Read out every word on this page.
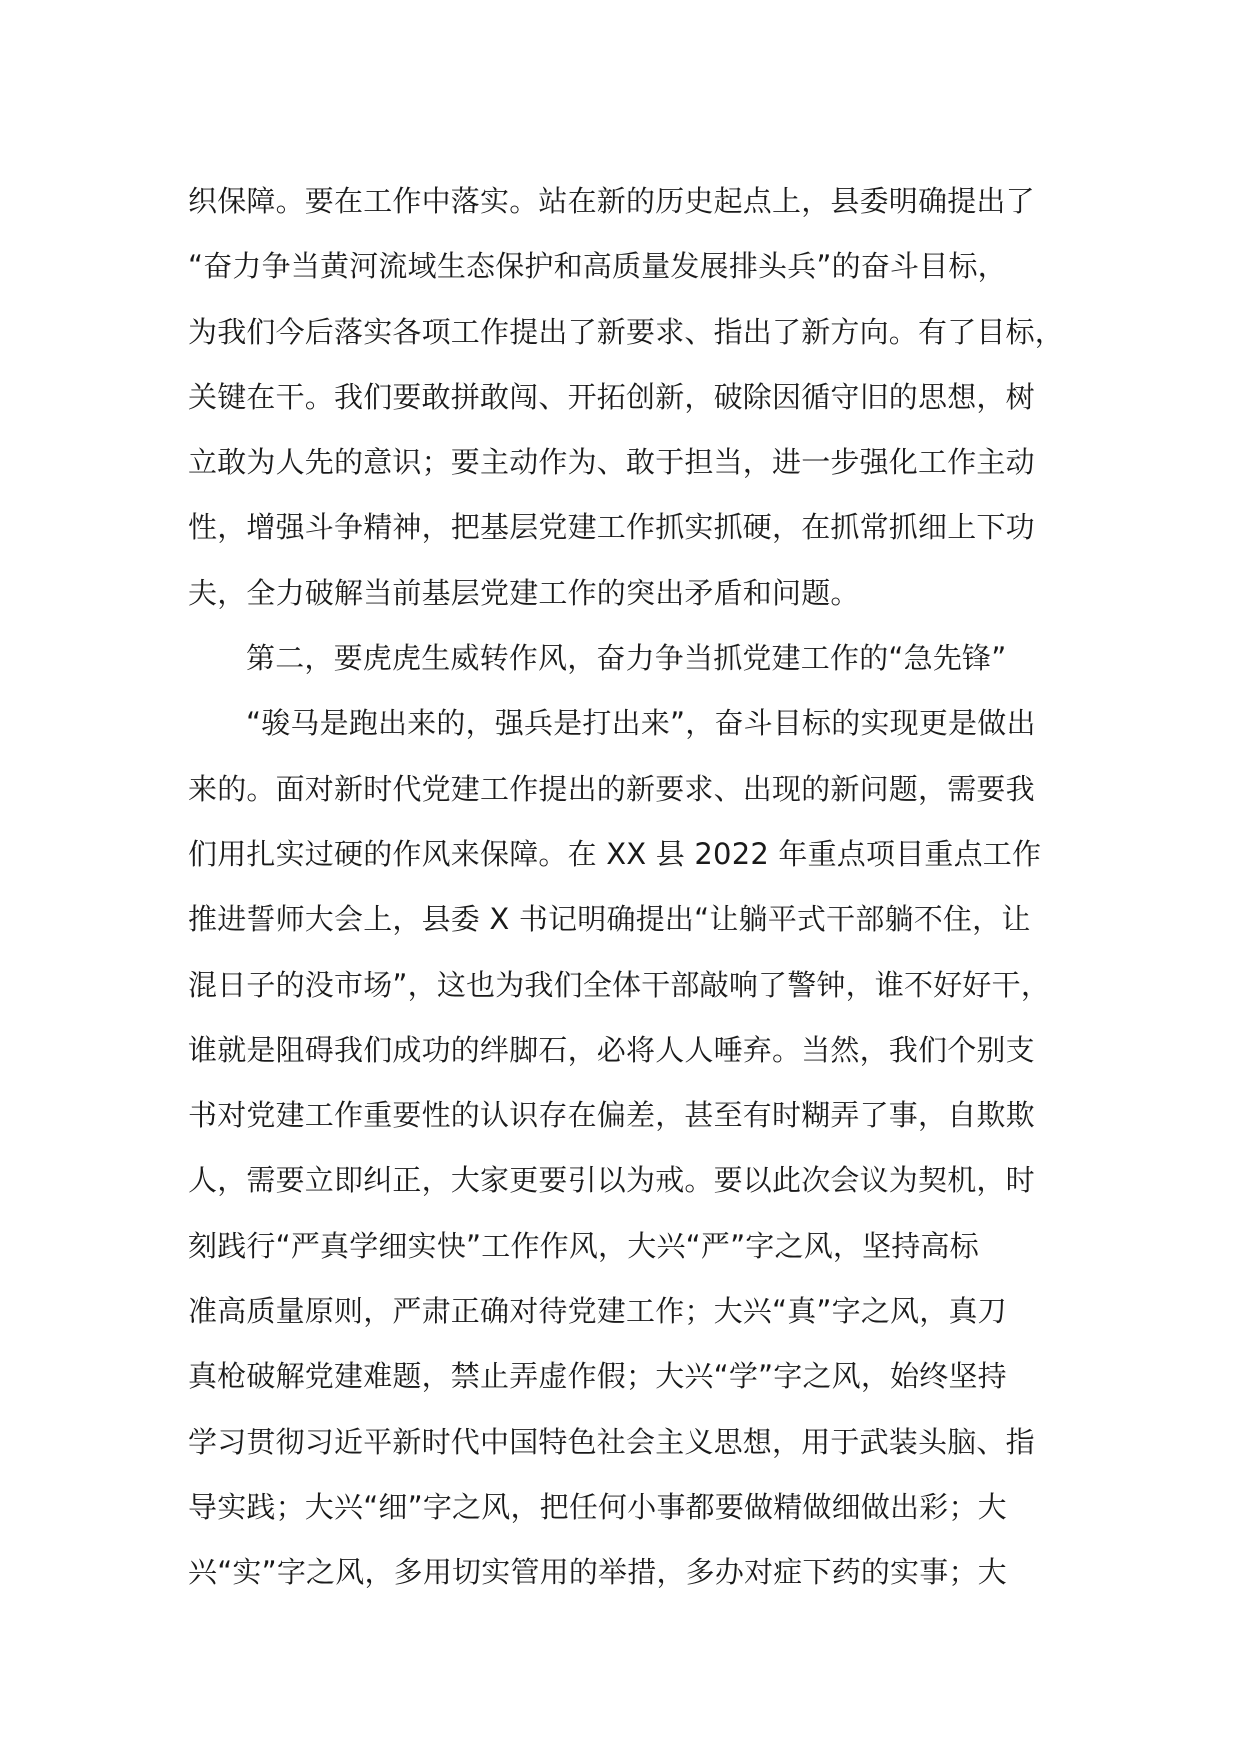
织保障。要在工作中落实。站在新的历史起点上，县委明确提出了
“奋力争当黄河流域生态保护和高质量发展排头兵”的奋斗目标，
为我们今后落实各项工作提出了新要求、指出了新方向。有了目标，
关键在干。我们要敢拼敢闯、开拓创新，破除因循守旧的思想，树
立敢为人先的意识；要主动作为、敢于担当，进一步强化工作主动
性，增强斗争精神，把基层党建工作抓实抓硬，在抓常抓细上下功
夫，全力破解当前基层党建工作的突出矛盾和问题。
第二，要虎虎生威转作风，奋力争当抓党建工作的“急先锋”
“骏马是跑出来的，强兵是打出来”，奋斗目标的实现更是做出
来的。面对新时代党建工作提出的新要求、出现的新问题，需要我
们用扎实过硬的作风来保障。在 XX 县 2022 年重点项目重点工作
推进誓师大会上，县委 X 书记明确提出“让躺平式干部躺不住，让
混日子的没市场”，这也为我们全体干部敲响了警钟，谁不好好干，
谁就是阻碍我们成功的绊脚石，必将人人唾弃。当然，我们个别支
书对党建工作重要性的认识存在偏差，甚至有时糊弄了事，自欺欺
人，需要立即纠正，大家更要引以为戒。要以此次会议为契机，时
刻践行“严真学细实快”工作作风，大兴“严”字之风，坚持高标
准高质量原则，严肃正确对待党建工作；大兴“真”字之风，真刀
真枪破解党建难题，禁止弄虚作假；大兴“学”字之风，始终坚持
学习贯彻习近平新时代中国特色社会主义思想，用于武装头脑、指
导实践；大兴“细”字之风，把任何小事都要做精做细做出彩；大
兴“实”字之风，多用切实管用的举措，多办对症下药的实事；大
